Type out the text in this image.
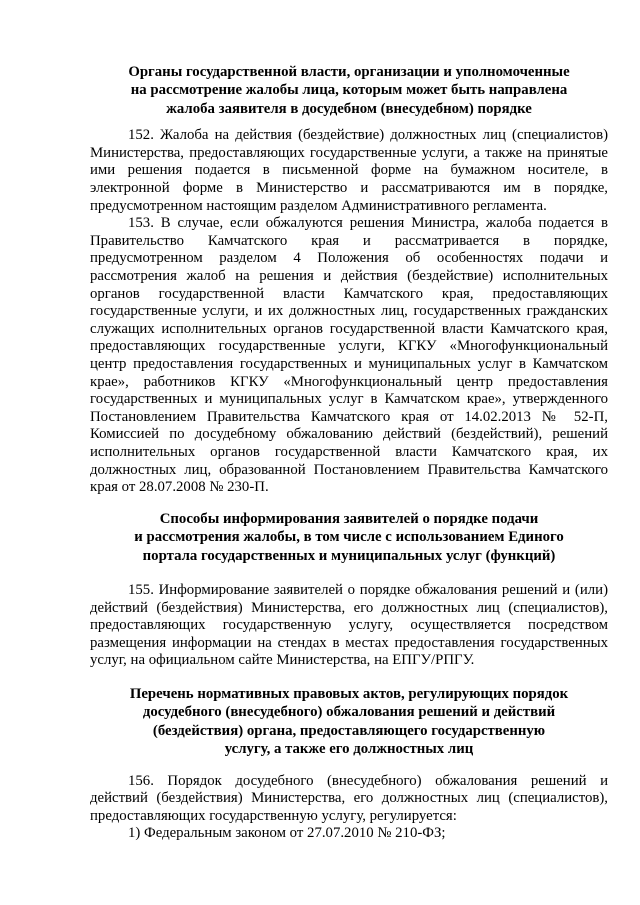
Органы государственной власти, организации и уполномоченные
на рассмотрение жалобы лица, которым может быть направлена
жалоба заявителя в досудебном (внесудебном) порядке
152. Жалоба на действия (бездействие) должностных лиц (специалистов)
Министерства, предоставляющих государственные услуги, а также на принятые
ими решения подается в письменной форме на бумажном носителе, в
электронной форме в Министерство и рассматриваются им в порядке,
предусмотренном настоящим разделом Административного регламента.
153. В случае, если обжалуются решения Министра, жалоба подается в
Правительство Камчатского края и рассматривается в порядке,
предусмотренном разделом 4 Положения об особенностях подачи и
рассмотрения жалоб на решения и действия (бездействие) исполнительных
органов государственной власти Камчатского края, предоставляющих
государственные услуги, и их должностных лиц, государственных гражданских
служащих исполнительных органов государственной власти Камчатского края,
предоставляющих государственные услуги, КГКУ «Многофункциональный
центр предоставления государственных и муниципальных услуг в Камчатском
крае», работников КГКУ «Многофункциональный центр предоставления
государственных и муниципальных услуг в Камчатском крае», утвержденного
Постановлением Правительства Камчатского края от 14.02.2013 № 52-П,
Комиссией по досудебному обжалованию действий (бездействий), решений
исполнительных органов государственной власти Камчатского края, их
должностных лиц, образованной Постановлением Правительства Камчатского
края от 28.07.2008 № 230-П.
Способы информирования заявителей о порядке подачи
и рассмотрения жалобы, в том числе с использованием Единого
портала государственных и муниципальных услуг (функций)
155. Информирование заявителей о порядке обжалования решений и (или)
действий (бездействия) Министерства, его должностных лиц (специалистов),
предоставляющих государственную услугу, осуществляется посредством
размещения информации на стендах в местах предоставления государственных
услуг, на официальном сайте Министерства, на ЕПГУ/РПГУ.
Перечень нормативных правовых актов, регулирующих порядок
досудебного (внесудебного) обжалования решений и действий
(бездействия) органа, предоставляющего государственную
услугу, а также его должностных лиц
156. Порядок досудебного (внесудебного) обжалования решений и
действий (бездействия) Министерства, его должностных лиц (специалистов),
предоставляющих государственную услугу, регулируется:
1) Федеральным законом от 27.07.2010 № 210-ФЗ;
